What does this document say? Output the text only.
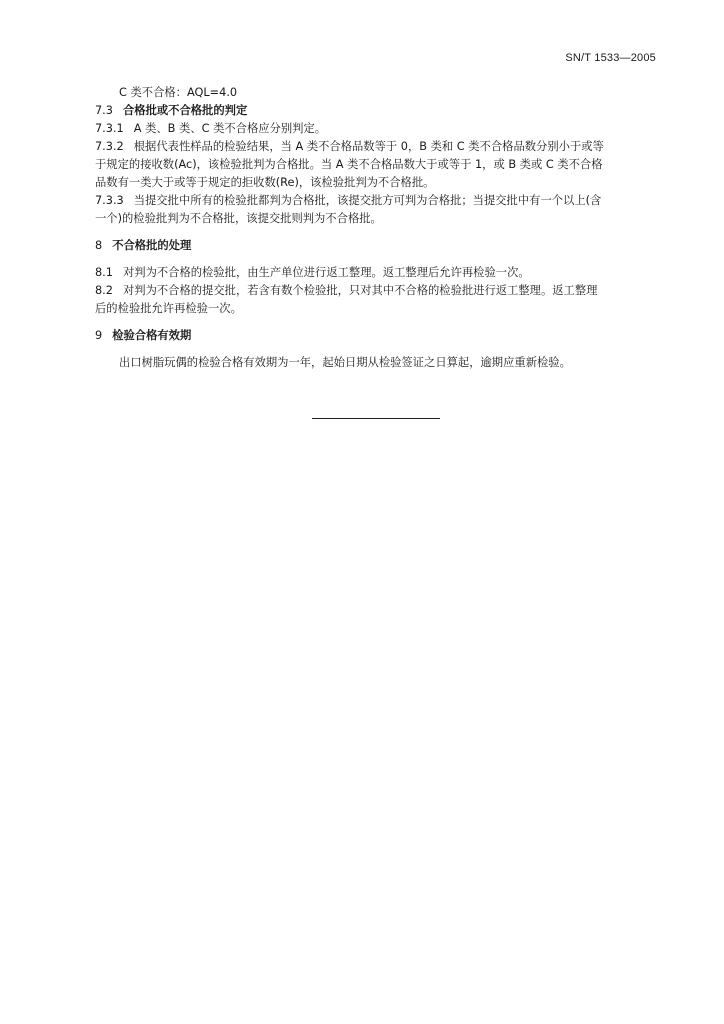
SN/T 1533—2005
C 类不合格：AQL=4.0
7.3 合格批或不合格批的判定
7.3.1 A 类、B 类、C 类不合格应分别判定。
7.3.2 根据代表性样品的检验结果，当 A 类不合格品数等于 0，B 类和 C 类不合格品数分别小于或等
于规定的接收数(Ac)，该检验批判为合格批。当 A 类不合格品数大于或等于 1，或 B 类或 C 类不合格
品数有一类大于或等于规定的拒收数(Re)，该检验批判为不合格批。
7.3.3 当提交批中所有的检验批都判为合格批，该提交批方可判为合格批；当提交批中有一个以上(含
一个)的检验批判为不合格批，该提交批则判为不合格批。
8 不合格批的处理
8.1 对判为不合格的检验批，由生产单位进行返工整理。返工整理后允许再检验一次。
8.2 对判为不合格的提交批，若含有数个检验批，只对其中不合格的检验批进行返工整理。返工整理
后的检验批允许再检验一次。
9 检验合格有效期
出口树脂玩偶的检验合格有效期为一年，起始日期从检验签证之日算起，逾期应重新检验。
